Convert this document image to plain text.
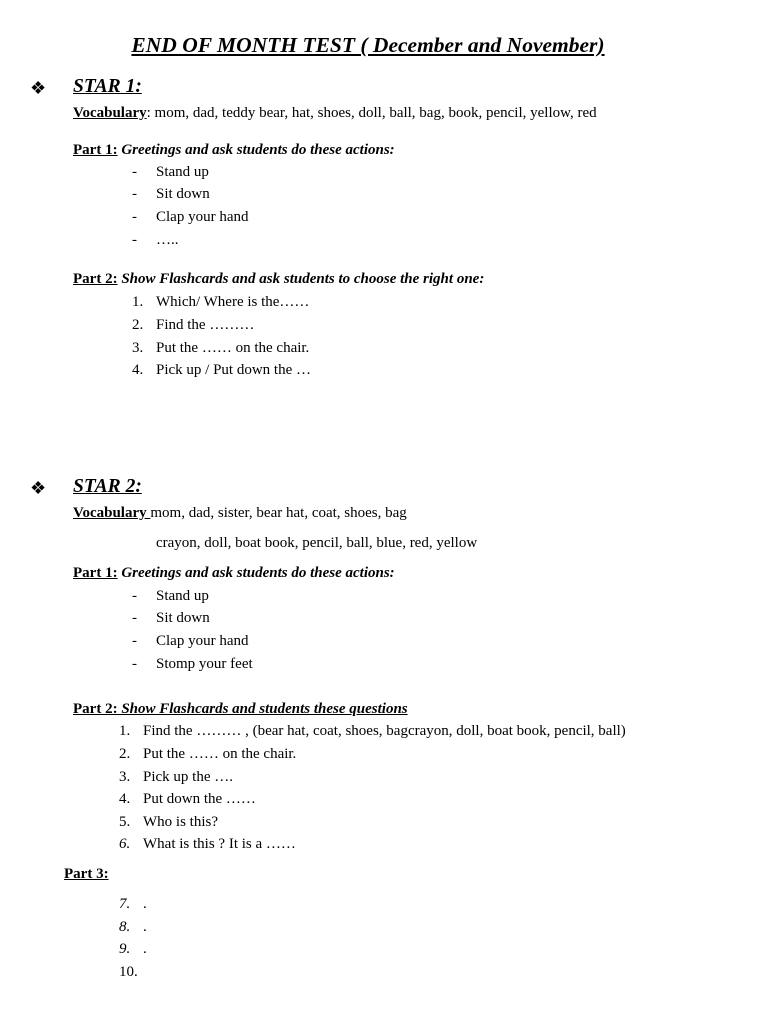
END OF MONTH TEST ( December and November)
❖ STAR 1:
Vocabulary: mom, dad, teddy bear, hat, shoes, doll, ball, bag, book, pencil, yellow, red
Part 1: Greetings and ask students do these actions:
- Stand up
- Sit down
- Clap your hand
- …..
Part 2: Show Flashcards and ask students to choose the right one:
1. Which/ Where is the……
2. Find the ………
3. Put the …… on the chair.
4. Pick up / Put down the …
❖ STAR 2:
Vocabulary mom, dad, sister, bear hat, coat, shoes, bag
crayon, doll, boat book, pencil, ball, blue, red, yellow
Part 1: Greetings and ask students do these actions:
- Stand up
- Sit down
- Clap your hand
- Stomp your feet
Part 2: Show Flashcards and students these questions
1. Find the ……… , (bear hat, coat, shoes, bagcrayon, doll, boat book, pencil, ball)
2. Put the …… on the chair.
3. Pick up the ….
4. Put down the ……
5. Who is this?
6. What is this ? It is a ……
Part 3:
7. .
8. .
9. .
10.
